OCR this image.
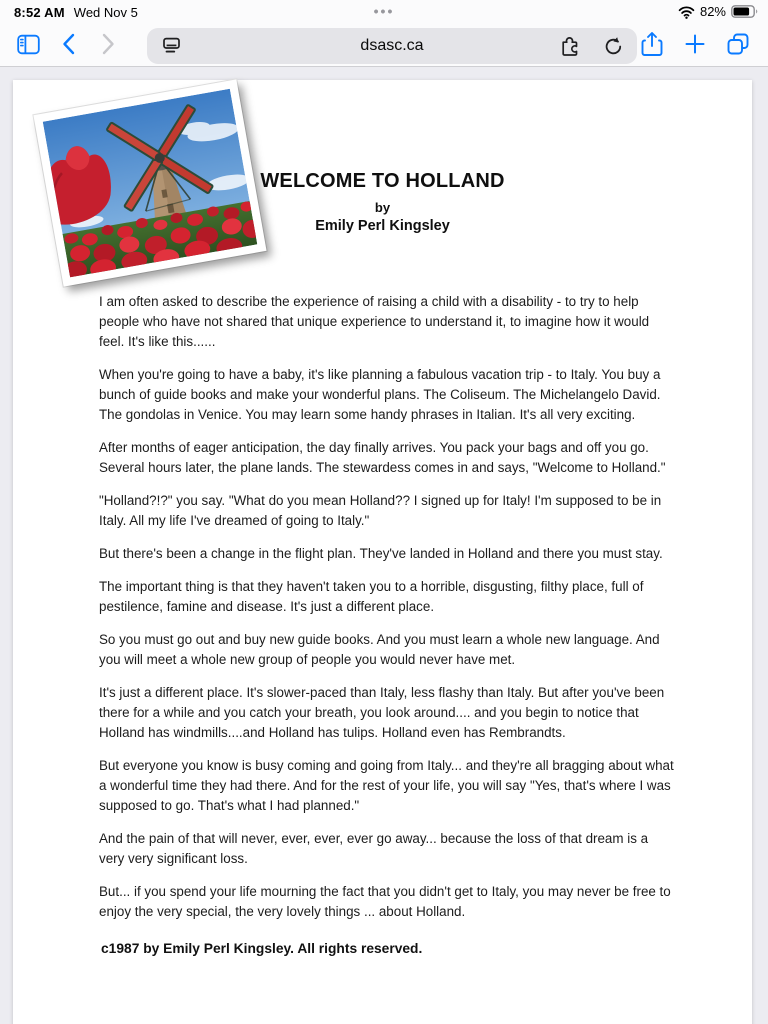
8:52 AM Wed Nov 5	•••	82%
dsasc.ca
WELCOME TO HOLLAND
by
Emily Perl Kingsley

I am often asked to describe the experience of raising a child with a disability - to try to help people who have not shared that unique experience to understand it, to imagine how it would feel. It's like this......

When you're going to have a baby, it's like planning a fabulous vacation trip - to Italy. You buy a bunch of guide books and make your wonderful plans. The Coliseum. The Michelangelo David. The gondolas in Venice. You may learn some handy phrases in Italian. It's all very exciting.

After months of eager anticipation, the day finally arrives. You pack your bags and off you go. Several hours later, the plane lands. The stewardess comes in and says, "Welcome to Holland."

"Holland?!?" you say. "What do you mean Holland?? I signed up for Italy! I'm supposed to be in Italy. All my life I've dreamed of going to Italy."

But there's been a change in the flight plan. They've landed in Holland and there you must stay.

The important thing is that they haven't taken you to a horrible, disgusting, filthy place, full of pestilence, famine and disease. It's just a different place.

So you must go out and buy new guide books. And you must learn a whole new language. And you will meet a whole new group of people you would never have met.

It's just a different place. It's slower-paced than Italy, less flashy than Italy. But after you've been there for a while and you catch your breath, you look around.... and you begin to notice that Holland has windmills....and Holland has tulips. Holland even has Rembrandts.

But everyone you know is busy coming and going from Italy... and they're all bragging about what a wonderful time they had there. And for the rest of your life, you will say "Yes, that's where I was supposed to go. That's what I had planned."

And the pain of that will never, ever, ever, ever go away... because the loss of that dream is a very very significant loss.

But... if you spend your life mourning the fact that you didn't get to Italy, you may never be free to enjoy the very special, the very lovely things ... about Holland.

c1987 by Emily Perl Kingsley. All rights reserved.
